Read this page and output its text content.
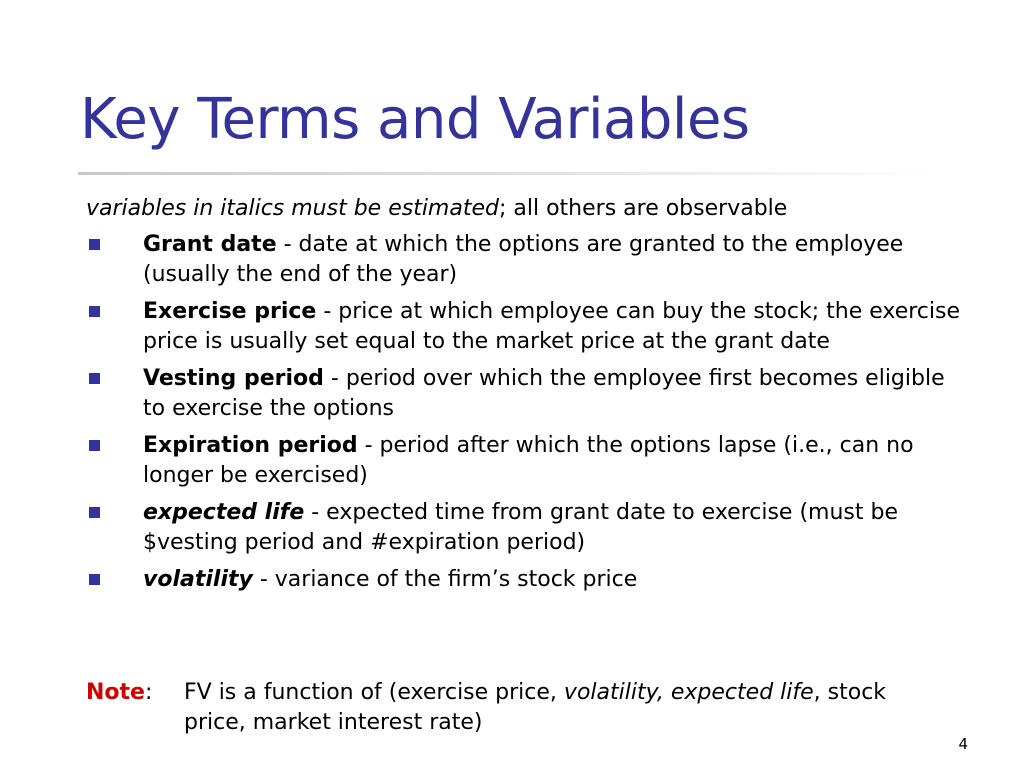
Key Terms and Variables
variables in italics must be estimated; all others are observable
Grant date - date at which the options are granted to the employee (usually the end of the year)
Exercise price - price at which employee can buy the stock; the exercise price is usually set equal to the market price at the grant date
Vesting period - period over which the employee first becomes eligible to exercise the options
Expiration period - period after which the options lapse (i.e., can no longer be exercised)
expected life - expected time from grant date to exercise (must be $vesting period and #expiration period)
volatility - variance of the firm’s stock price
Note:	FV is a function of (exercise price, volatility, expected life, stock price, market interest rate)
4
